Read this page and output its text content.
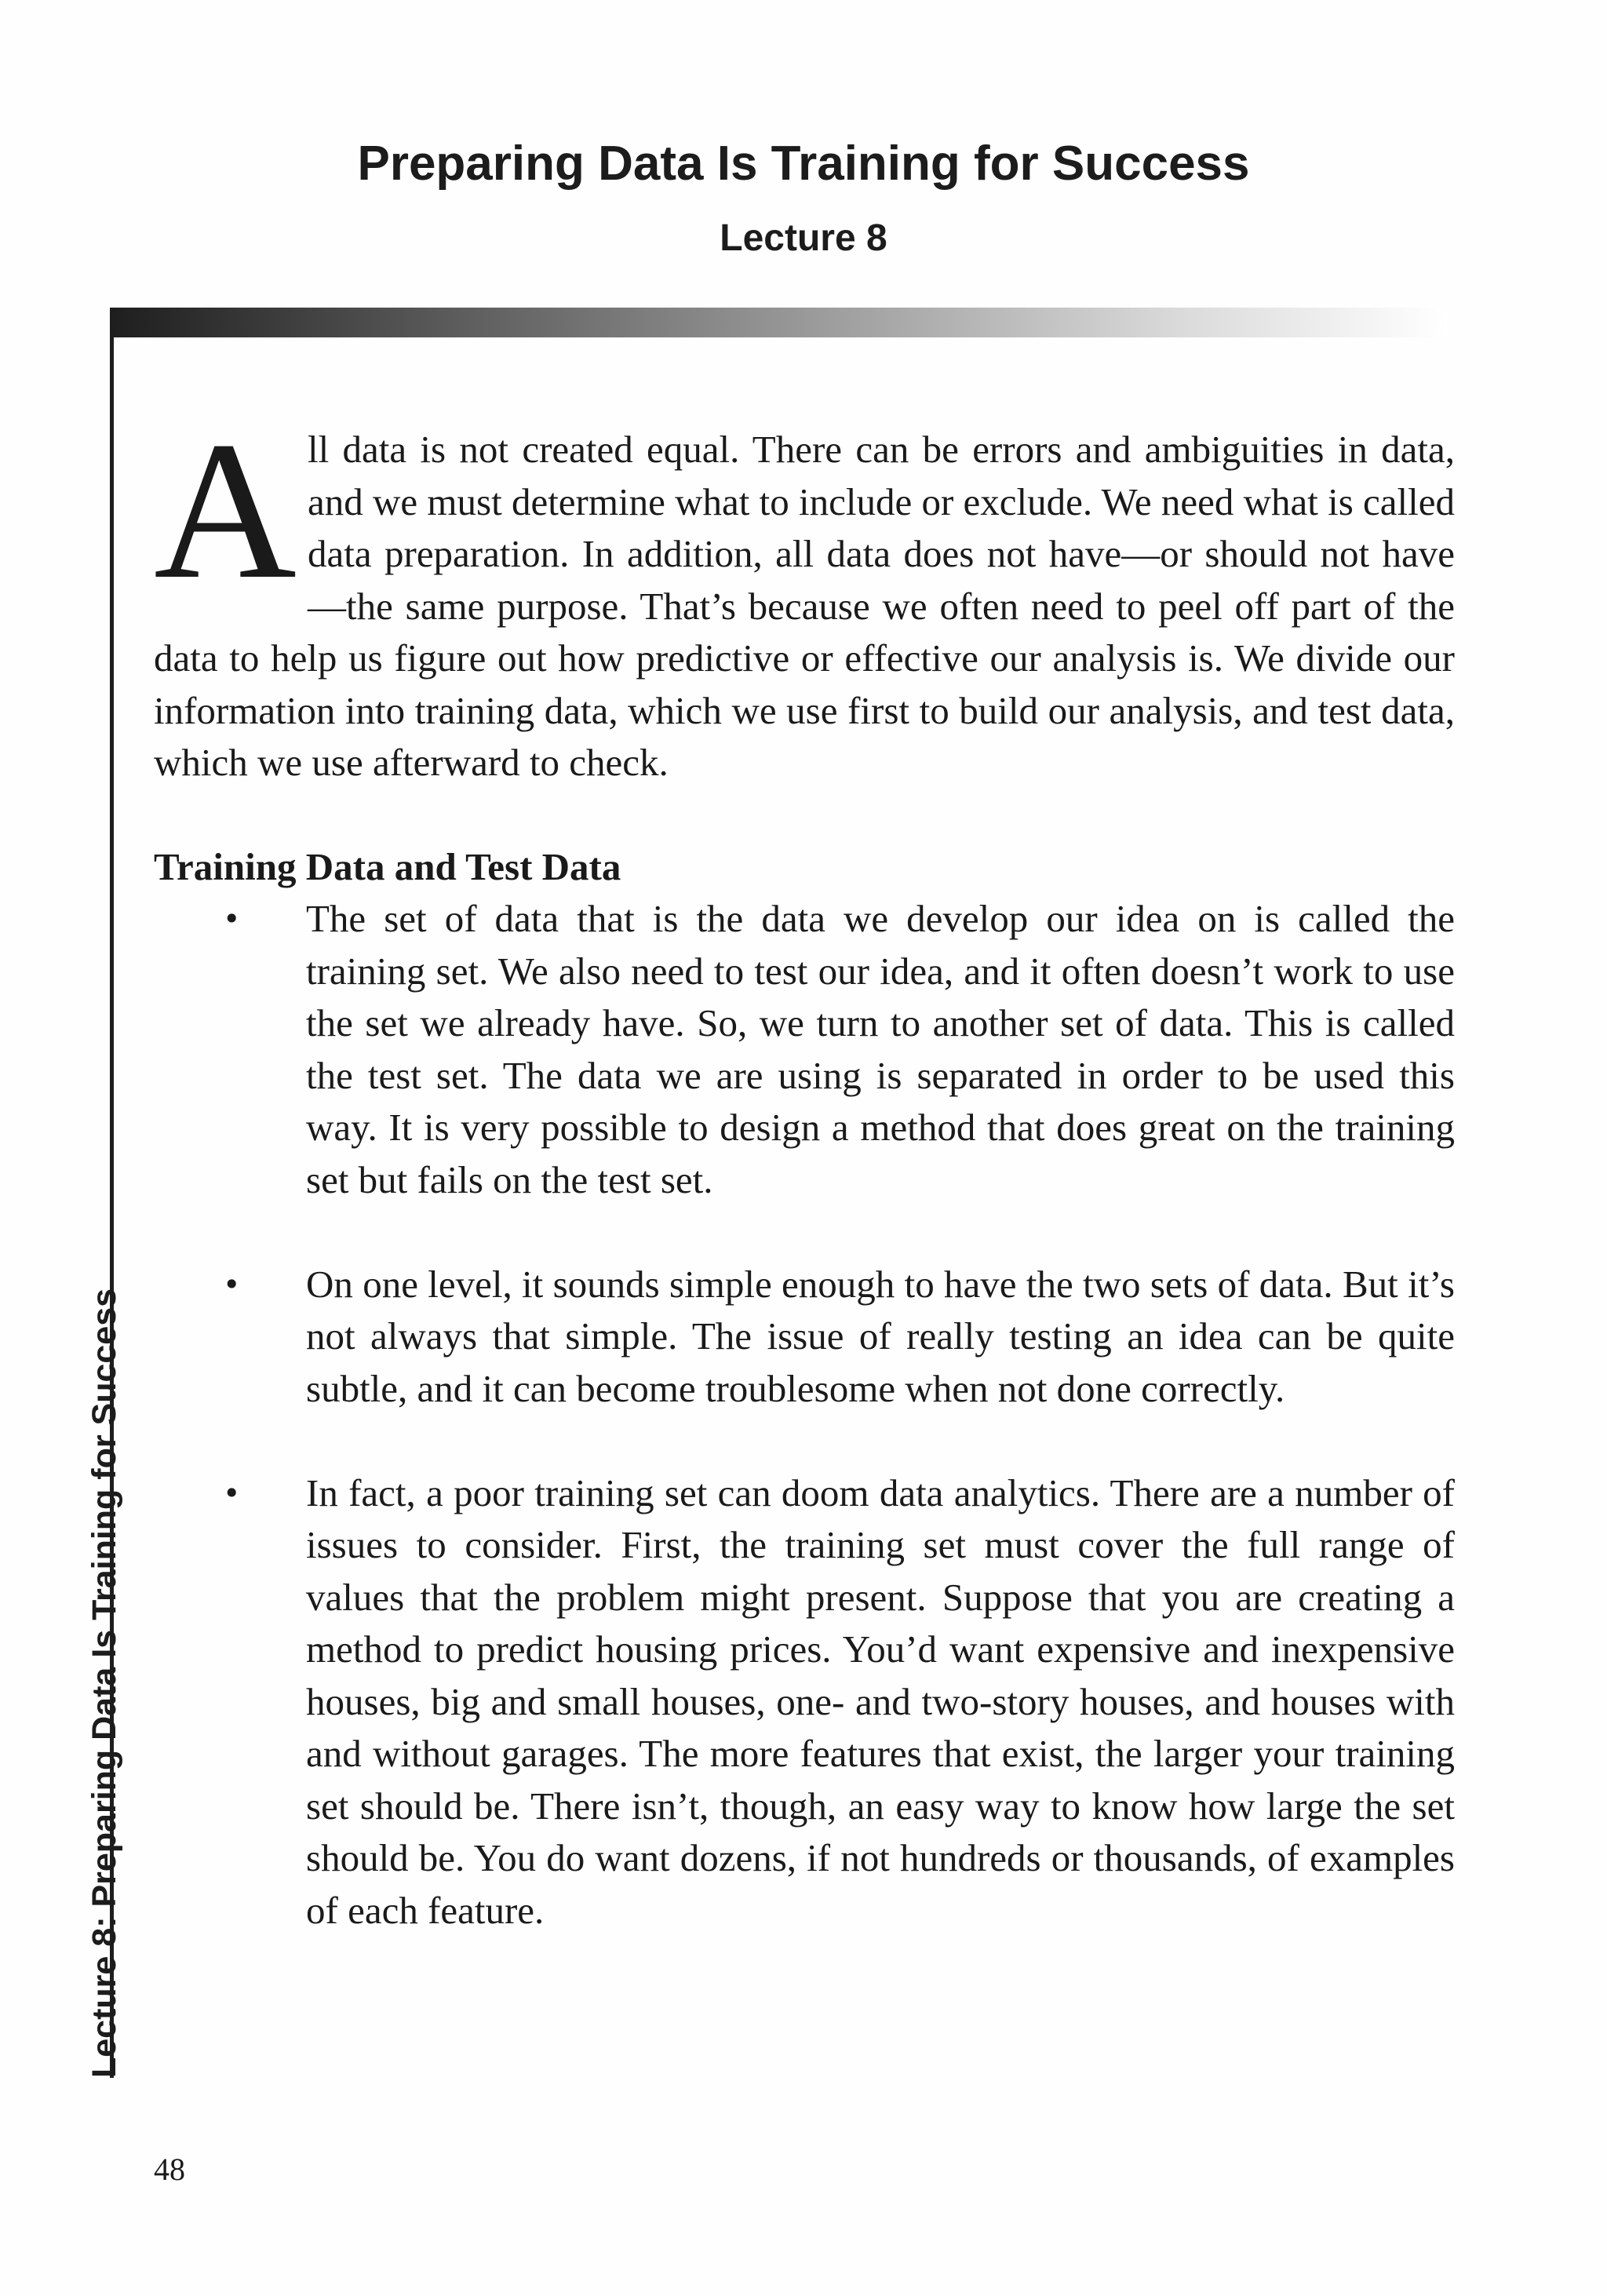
Preparing Data Is Training for Success
Lecture 8
Lecture 8: Preparing Data Is Training for Success

All data is not created equal. There can be errors and ambiguities in data, and we must determine what to include or exclude. We need what is called data preparation. In addition, all data does not have—or should not have—the same purpose. That’s because we often need to peel off part of the data to help us figure out how predictive or effective our analysis is. We divide our information into training data, which we use first to build our analysis, and test data, which we use afterward to check.

Training Data and Test Data
• The set of data that is the data we develop our idea on is called the training set. We also need to test our idea, and it often doesn’t work to use the set we already have. So, we turn to another set of data. This is called the test set. The data we are using is separated in order to be used this way. It is very possible to design a method that does great on the training set but fails on the test set.
• On one level, it sounds simple enough to have the two sets of data. But it’s not always that simple. The issue of really testing an idea can be quite subtle, and it can become troublesome when not done correctly.
• In fact, a poor training set can doom data analytics. There are a number of issues to consider. First, the training set must cover the full range of values that the problem might present. Suppose that you are creating a method to predict housing prices. You’d want expensive and inexpensive houses, big and small houses, one- and two-story houses, and houses with and without garages. The more features that exist, the larger your training set should be. There isn’t, though, an easy way to know how large the set should be. You do want dozens, if not hundreds or thousands, of examples of each feature.
48
